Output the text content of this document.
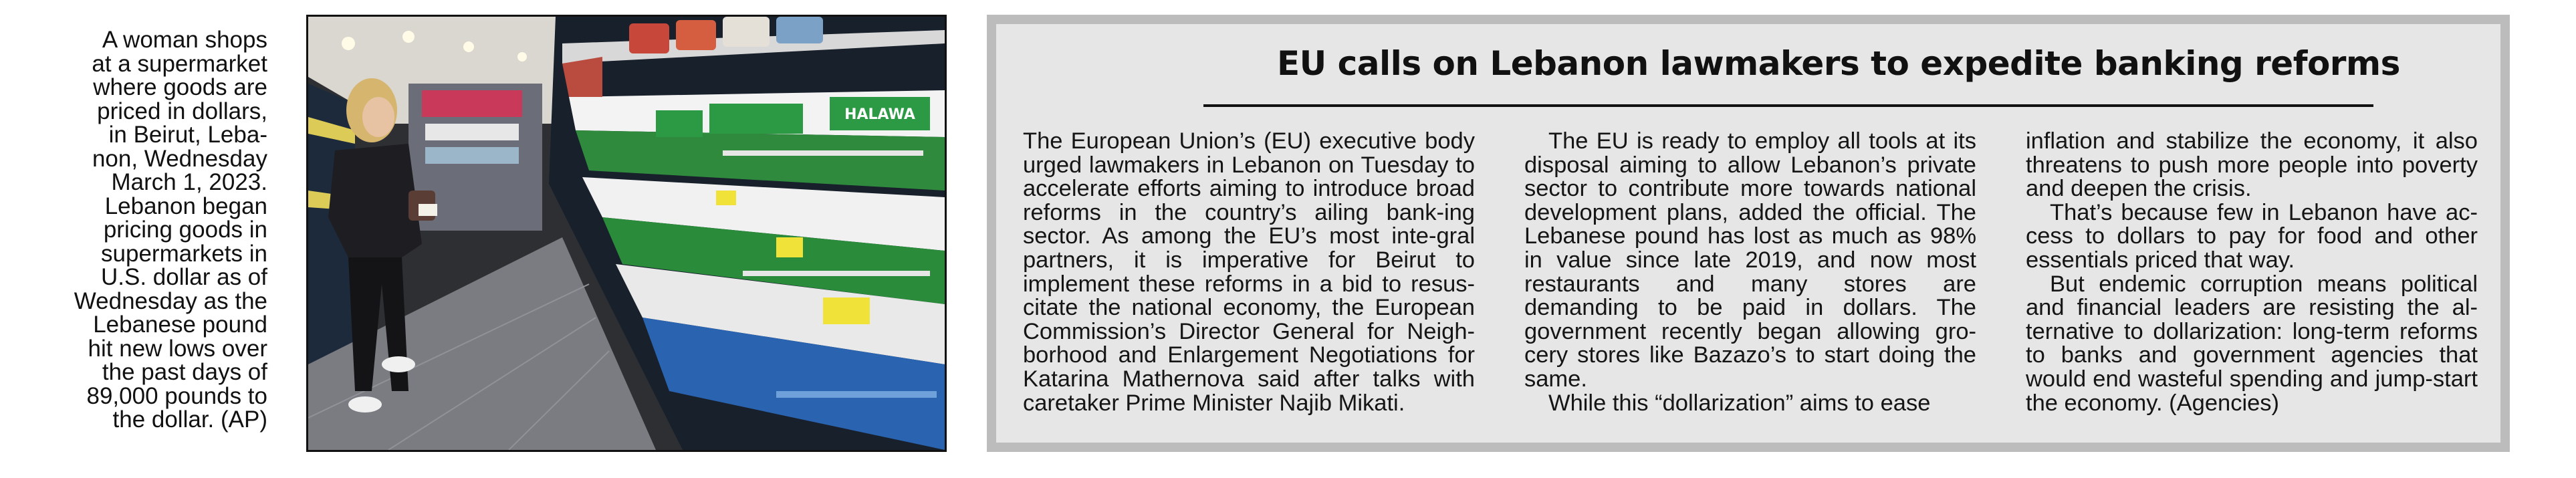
A woman shops
at a supermarket
where goods are
priced in dollars,
in Beirut, Leba-
non, Wednesday
March 1, 2023.
Lebanon began
pricing goods in
supermarkets in
U.S. dollar as of
Wednesday as the
Lebanese pound
hit new lows over
the past days of
89,000 pounds to
the dollar. (AP)
HALAWA
EU calls on Lebanon lawmakers to expedite banking reforms

The European Union’s (EU) executive body urged lawmakers in Lebanon on Tuesday to accelerate efforts aiming to introduce broad reforms in the country’s ailing bank-ing sector. As among the EU’s most inte-gral partners, it is imperative for Beirut to implement these reforms in a bid to resus-citate the national economy, the European Commission’s Director General for Neigh-borhood and Enlargement Negotiations for Katarina Mathernova said after talks with caretaker Prime Minister Najib Mikati.

The EU is ready to employ all tools at its disposal aiming to allow Lebanon’s private sector to contribute more towards national development plans, added the official. The Lebanese pound has lost as much as 98% in value since late 2019, and now most restaurants and many stores are demanding to be paid in dollars. The government recently began allowing gro-cery stores like Bazazo’s to start doing the same.

While this “dollarization” aims to ease

inflation and stabilize the economy, it also threatens to push more people into poverty and deepen the crisis.

That’s because few in Lebanon have ac-cess to dollars to pay for food and other essentials priced that way.

But endemic corruption means political and financial leaders are resisting the al-ternative to dollarization: long-term reforms to banks and government agencies that would end wasteful spending and jump-start the economy. (Agencies)
